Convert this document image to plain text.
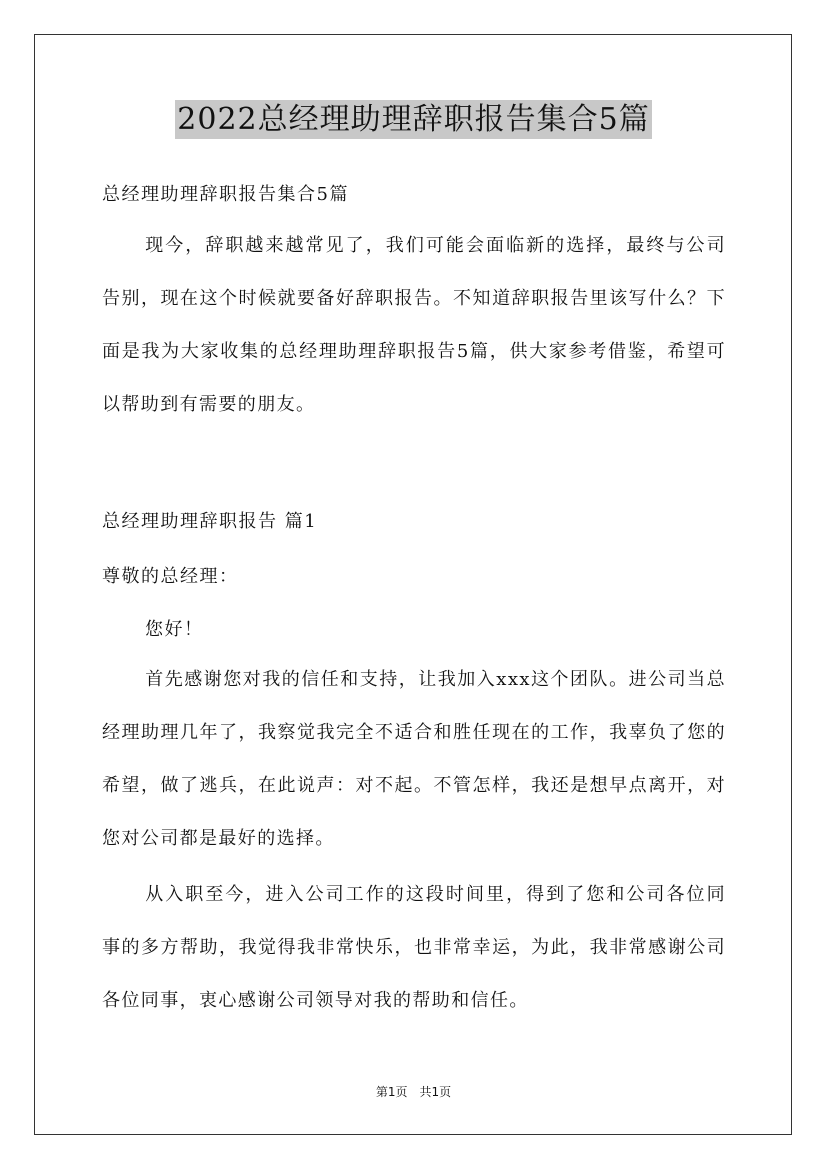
2022总经理助理辞职报告集合5篇
总经理助理辞职报告集合5篇
现今，辞职越来越常见了，我们可能会面临新的选择，最终与公司告别，现在这个时候就要备好辞职报告。不知道辞职报告里该写什么？下面是我为大家收集的总经理助理辞职报告5篇，供大家参考借鉴，希望可以帮助到有需要的朋友。
总经理助理辞职报告 篇1
尊敬的总经理：
您好！
首先感谢您对我的信任和支持，让我加入xxx这个团队。进公司当总经理助理几年了，我察觉我完全不适合和胜任现在的工作，我辜负了您的希望，做了逃兵，在此说声：对不起。不管怎样，我还是想早点离开，对您对公司都是最好的选择。
从入职至今，进入公司工作的这段时间里，得到了您和公司各位同事的多方帮助，我觉得我非常快乐，也非常幸运，为此，我非常感谢公司各位同事，衷心感谢公司领导对我的帮助和信任。
第1页　共1页
